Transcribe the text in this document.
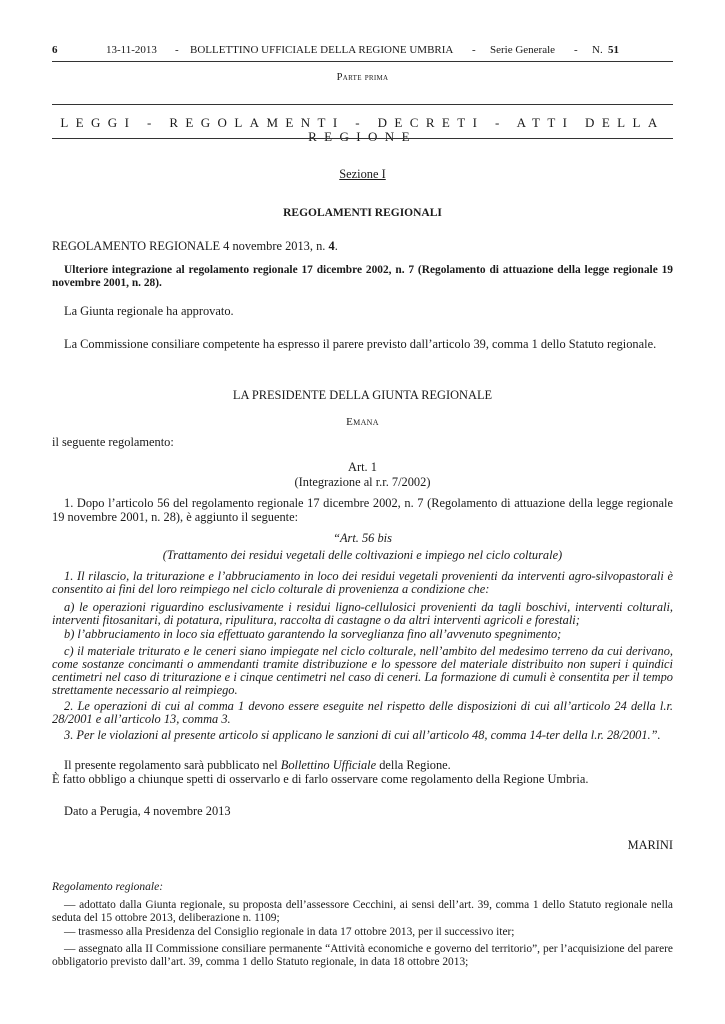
6	13-11-2013 - BOLLETTINO UFFICIALE DELLA REGIONE UMBRIA - Serie Generale - N. 51
Parte prima
LEGGI - REGOLAMENTI - DECRETI - ATTI DELLA REGIONE
Sezione I
REGOLAMENTI REGIONALI
REGOLAMENTO REGIONALE 4 novembre 2013, n. 4.
Ulteriore integrazione al regolamento regionale 17 dicembre 2002, n. 7 (Regolamento di attuazione della legge regionale 19 novembre 2001, n. 28).
La Giunta regionale ha approvato.
La Commissione consiliare competente ha espresso il parere previsto dall’articolo 39, comma 1 dello Statuto regionale.
LA PRESIDENTE DELLA GIUNTA REGIONALE
Emana
il seguente regolamento:
Art. 1
(Integrazione al r.r. 7/2002)
1. Dopo l’articolo 56 del regolamento regionale 17 dicembre 2002, n. 7 (Regolamento di attuazione della legge regionale 19 novembre 2001, n. 28), è aggiunto il seguente:
“Art. 56 bis
(Trattamento dei residui vegetali delle coltivazioni e impiego nel ciclo colturale)
1. Il rilascio, la triturazione e l’abbruciamento in loco dei residui vegetali provenienti da interventi agro-silvopastorali è consentito ai fini del loro reimpiego nel ciclo colturale di provenienza a condizione che:
a) le operazioni riguardino esclusivamente i residui ligno-cellulosici provenienti da tagli boschivi, interventi colturali, interventi fitosanitari, di potatura, ripulitura, raccolta di castagne o da altri interventi agricoli e forestali;
b) l’abbruciamento in loco sia effettuato garantendo la sorveglianza fino all’avvenuto spegnimento;
c) il materiale triturato e le ceneri siano impiegate nel ciclo colturale, nell’ambito del medesimo terreno da cui derivano, come sostanze concimanti o ammendanti tramite distribuzione e lo spessore del materiale distribuito non superi i quindici centimetri nel caso di triturazione e i cinque centimetri nel caso di ceneri. La formazione di cumuli è consentita per il tempo strettamente necessario al reimpiego.
2. Le operazioni di cui al comma 1 devono essere eseguite nel rispetto delle disposizioni di cui all’articolo 24 della l.r. 28/2001 e all’articolo 13, comma 3.
3. Per le violazioni al presente articolo si applicano le sanzioni di cui all’articolo 48, comma 14-ter della l.r. 28/2001.”.
Il presente regolamento sarà pubblicato nel Bollettino Ufficiale della Regione.
È fatto obbligo a chiunque spetti di osservarlo e di farlo osservare come regolamento della Regione Umbria.
Dato a Perugia, 4 novembre 2013
MARINI
Regolamento regionale:
— adottato dalla Giunta regionale, su proposta dell’assessore Cecchini, ai sensi dell’art. 39, comma 1 dello Statuto regionale nella seduta del 15 ottobre 2013, deliberazione n. 1109;
— trasmesso alla Presidenza del Consiglio regionale in data 17 ottobre 2013, per il successivo iter;
— assegnato alla II Commissione consiliare permanente “Attività economiche e governo del territorio”, per l’acquisizione del parere obbligatorio previsto dall’art. 39, comma 1 dello Statuto regionale, in data 18 ottobre 2013;
